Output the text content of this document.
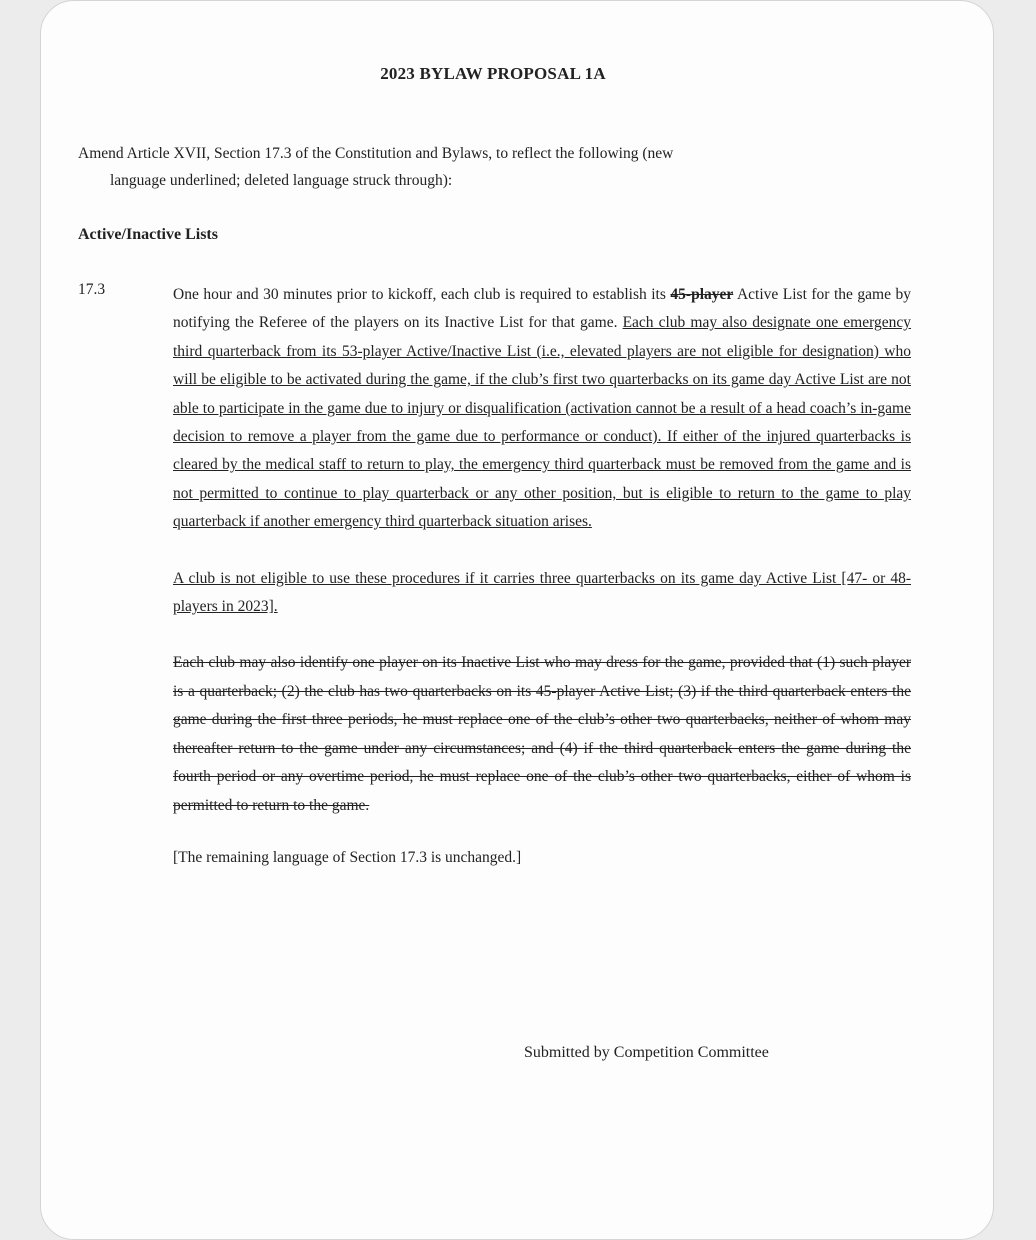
2023 BYLAW PROPOSAL 1A
Amend Article XVII, Section 17.3 of the Constitution and Bylaws, to reflect the following (new
language underlined; deleted language struck through):
Active/Inactive Lists
17.3	One hour and 30 minutes prior to kickoff, each club is required to establish its 45-player Active List for the game by notifying the Referee of the players on its Inactive List for that game. Each club may also designate one emergency third quarterback from its 53-player Active/Inactive List (i.e., elevated players are not eligible for designation) who will be eligible to be activated during the game, if the club’s first two quarterbacks on its game day Active List are not able to participate in the game due to injury or disqualification (activation cannot be a result of a head coach’s in-game decision to remove a player from the game due to performance or conduct). If either of the injured quarterbacks is cleared by the medical staff to return to play, the emergency third quarterback must be removed from the game and is not permitted to continue to play quarterback or any other position, but is eligible to return to the game to play quarterback if another emergency third quarterback situation arises.

A club is not eligible to use these procedures if it carries three quarterbacks on its game day Active List [47- or 48-players in 2023].

Each club may also identify one player on its Inactive List who may dress for the game, provided that (1) such player is a quarterback; (2) the club has two quarterbacks on its 45-player Active List; (3) if the third quarterback enters the game during the first three periods, he must replace one of the club’s other two quarterbacks, neither of whom may thereafter return to the game under any circumstances; and (4) if the third quarterback enters the game during the fourth period or any overtime period, he must replace one of the club’s other two quarterbacks, either of whom is permitted to return to the game.

[The remaining language of Section 17.3 is unchanged.]

Submitted by Competition Committee
